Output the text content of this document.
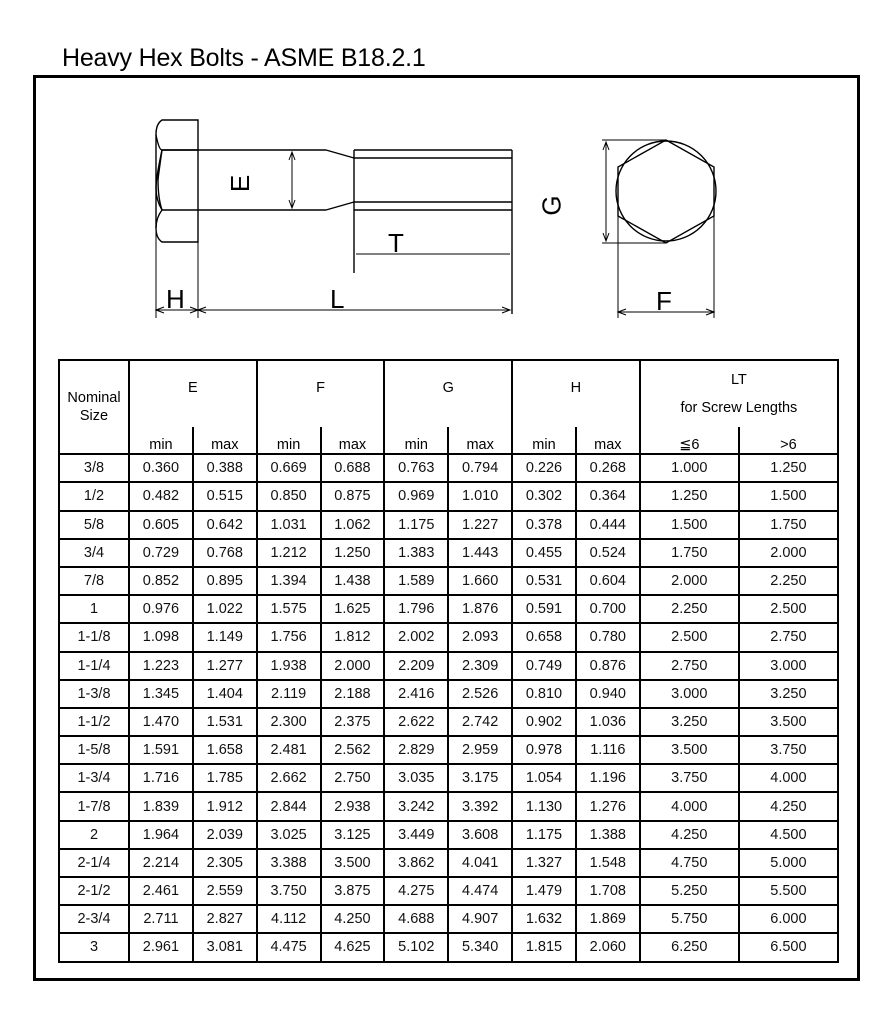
Heavy Hex Bolts - ASME B18.2.1
E
T
H	L
G
F
Nominal Size	E		F		G		H		LT
for Screw Lengths	

	min	max	min	max	min	max	min	max	≦6	>6
3/8	0.360	0.388	0.669	0.688	0.763	0.794	0.226	0.268	1.000	1.250
1/2	0.482	0.515	0.850	0.875	0.969	1.010	0.302	0.364	1.250	1.500
5/8	0.605	0.642	1.031	1.062	1.175	1.227	0.378	0.444	1.500	1.750
3/4	0.729	0.768	1.212	1.250	1.383	1.443	0.455	0.524	1.750	2.000
7/8	0.852	0.895	1.394	1.438	1.589	1.660	0.531	0.604	2.000	2.250
1	0.976	1.022	1.575	1.625	1.796	1.876	0.591	0.700	2.250	2.500
1-1/8	1.098	1.149	1.756	1.812	2.002	2.093	0.658	0.780	2.500	2.750
1-1/4	1.223	1.277	1.938	2.000	2.209	2.309	0.749	0.876	2.750	3.000
1-3/8	1.345	1.404	2.119	2.188	2.416	2.526	0.810	0.940	3.000	3.250
1-1/2	1.470	1.531	2.300	2.375	2.622	2.742	0.902	1.036	3.250	3.500
1-5/8	1.591	1.658	2.481	2.562	2.829	2.959	0.978	1.116	3.500	3.750
1-3/4	1.716	1.785	2.662	2.750	3.035	3.175	1.054	1.196	3.750	4.000
1-7/8	1.839	1.912	2.844	2.938	3.242	3.392	1.130	1.276	4.000	4.250
2	1.964	2.039	3.025	3.125	3.449	3.608	1.175	1.388	4.250	4.500
2-1/4	2.214	2.305	3.388	3.500	3.862	4.041	1.327	1.548	4.750	5.000
2-1/2	2.461	2.559	3.750	3.875	4.275	4.474	1.479	1.708	5.250	5.500
2-3/4	2.711	2.827	4.112	4.250	4.688	4.907	1.632	1.869	5.750	6.000
3	2.961	3.081	4.475	4.625	5.102	5.340	1.815	2.060	6.250	6.500
